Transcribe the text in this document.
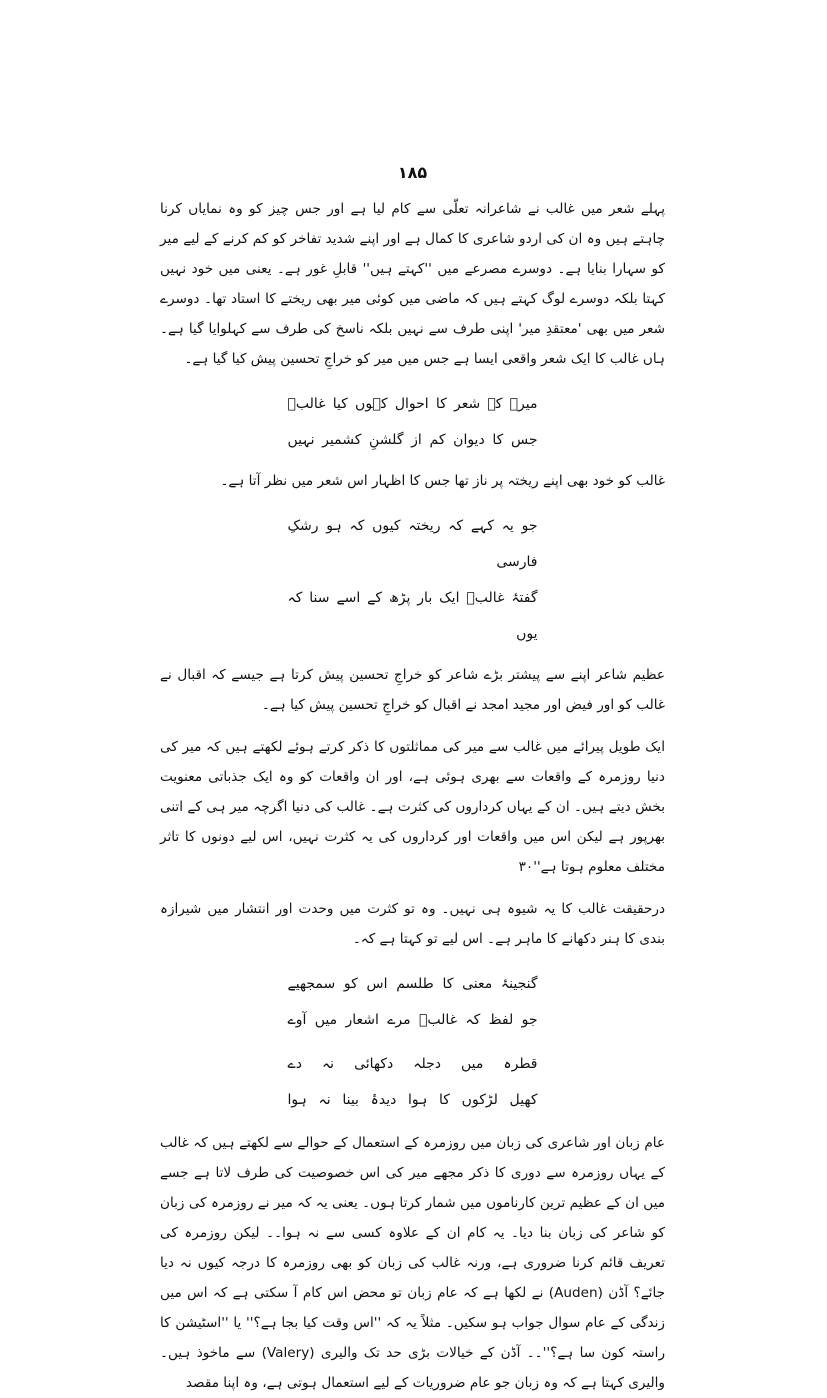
۱۸۵

پہلے شعر میں غالب نے شاعرانہ تعلّی سے کام لیا ہے اور جس چیز کو وہ نمایاں کرنا چاہتے ہیں وہ ان کی اردو شاعری کا کمال ہے اور اپنے شدید تفاخر کو کم کرنے کے لیے میر کو سہارا بنایا ہے۔ دوسرے مصرعے میں ''کہتے ہیں'' قابلِ غور ہے۔ یعنی میں خود نہیں کہتا بلکہ دوسرے لوگ کہتے ہیں کہ ماضی میں کوئی میر بھی ریختے کا استاد تھا۔ دوسرے شعر میں بھی 'معتقدِ میر' اپنی طرف سے نہیں بلکہ ناسخ کی طرف سے کہلوایا گیا ہے۔ ہاں غالب کا ایک شعر واقعی ایسا ہے جس میں میر کو خراجِ تحسین پیش کیا گیا ہے۔

میرؔ کے شعر کا احوال کہوں کیا غالبؔ
جس کا دیوان کم از گلشنِ کشمیر نہیں

غالب کو خود بھی اپنے ریختہ پر ناز تھا جس کا اظہار اس شعر میں نظر آتا ہے۔

جو یہ کہے کہ ریختہ کیوں کہ ہو رشکِ فارسی
گفتۂ غالبؔ ایک بار پڑھ کے اسے سنا کہ یوں

عظیم شاعر اپنے سے پیشتر بڑے شاعر کو خراجِ تحسین پیش کرتا ہے جیسے کہ اقبال نے غالب کو اور فیض اور مجید امجد نے اقبال کو خراجِ تحسین پیش کیا ہے۔

ایک طویل پیرائے میں غالب سے میر کی مماثلتوں کا ذکر کرتے ہوئے لکھتے ہیں کہ میر کی دنیا روزمرہ کے واقعات سے بھری ہوئی ہے، اور ان واقعات کو وہ ایک جذباتی معنویت بخش دیتے ہیں۔ ان کے یہاں کرداروں کی کثرت ہے۔ غالب کی دنیا اگرچہ میر ہی کے اتنی بھرپور ہے لیکن اس میں واقعات اور کرداروں کی یہ کثرت نہیں، اس لیے دونوں کا تاثر مختلف معلوم ہوتا ہے''۳۰

درحقیقت غالب کا یہ شیوہ ہی نہیں۔ وہ تو کثرت میں وحدت اور انتشار میں شیرازہ بندی کا ہنر دکھانے کا ماہر ہے۔ اس لیے تو کہتا ہے کہ۔

گنجینۂ معنی کا طلسم اس کو سمجھیے
جو لفظ کہ غالبؔ مرے اشعار میں آوے
قطرہ میں دجلہ دکھائی نہ دے
کھیل لڑکوں کا ہوا دیدۂ بینا نہ ہوا

عام زبان اور شاعری کی زبان میں روزمرہ کے استعمال کے حوالے سے لکھتے ہیں کہ غالب کے یہاں روزمرہ سے دوری کا ذکر مجھے میر کی اس خصوصیت کی طرف لاتا ہے جسے میں ان کے عظیم ترین کارناموں میں شمار کرتا ہوں۔ یعنی یہ کہ میر نے روزمرہ کی زبان کو شاعر کی زبان بنا دیا۔ یہ کام ان کے علاوہ کسی سے نہ ہوا۔۔ لیکن روزمرہ کی تعریف قائم کرنا ضروری ہے، ورنہ غالب کی زبان کو بھی روزمرہ کا درجہ کیوں نہ دیا جائے؟ آڈن (Auden) نے لکھا ہے کہ عام زبان تو محض اس کام آ سکتی ہے کہ اس میں زندگی کے عام سوال جواب ہو سکیں۔ مثلاً یہ کہ ''اس وقت کیا بجا ہے؟'' یا ''اسٹیشن کا راستہ کون سا ہے؟''۔۔ آڈن کے خیالات بڑی حد تک والیری (Valery) سے ماخوذ ہیں۔ والیری کہتا ہے کہ وہ زبان جو عام ضروریات کے لیے استعمال ہوتی ہے، وہ اپنا مقصد
